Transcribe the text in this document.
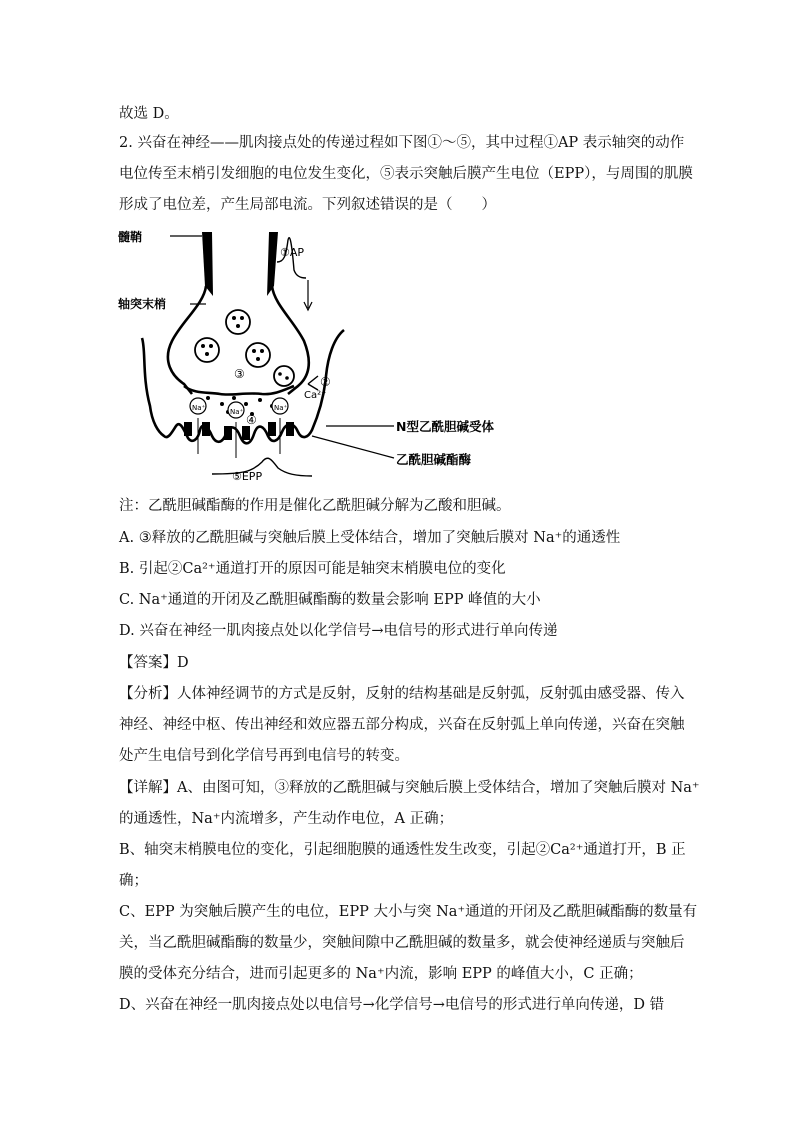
故选 D。
2. 兴奋在神经——肌肉接点处的传递过程如下图①～⑤，其中过程①AP 表示轴突的动作
电位传至末梢引发细胞的电位发生变化，⑤表示突触后膜产生电位（EPP），与周围的肌膜
形成了电位差，产生局部电流。下列叙述错误的是（　　）
髓鞘
①AP
轴突末梢
②
③
④
⑤EPP
Ca²⁺
Na⁺	Na⁺	Na⁺
N型乙酰胆碱受体
乙酰胆碱酯酶
注：乙酰胆碱酯酶的作用是催化乙酰胆碱分解为乙酸和胆碱。
A. ③释放的乙酰胆碱与突触后膜上受体结合，增加了突触后膜对 Na⁺的通透性
B. 引起②Ca²⁺通道打开的原因可能是轴突末梢膜电位的变化
C. Na⁺通道的开闭及乙酰胆碱酯酶的数量会影响 EPP 峰值的大小
D. 兴奋在神经一肌肉接点处以化学信号→电信号的形式进行单向传递
【答案】D
【分析】人体神经调节的方式是反射，反射的结构基础是反射弧，反射弧由感受器、传入
神经、神经中枢、传出神经和效应器五部分构成，兴奋在反射弧上单向传递，兴奋在突触
处产生电信号到化学信号再到电信号的转变。
【详解】A、由图可知，③释放的乙酰胆碱与突触后膜上受体结合，增加了突触后膜对 Na⁺
的通透性，Na⁺内流增多，产生动作电位，A 正确；
B、轴突末梢膜电位的变化，引起细胞膜的通透性发生改变，引起②Ca²⁺通道打开，B 正
确；
C、EPP 为突触后膜产生的电位，EPP 大小与突 Na⁺通道的开闭及乙酰胆碱酯酶的数量有
关，当乙酰胆碱酯酶的数量少，突触间隙中乙酰胆碱的数量多，就会使神经递质与突触后
膜的受体充分结合，进而引起更多的 Na⁺内流，影响 EPP 的峰值大小，C 正确；
D、兴奋在神经一肌肉接点处以电信号→化学信号→电信号的形式进行单向传递，D 错
